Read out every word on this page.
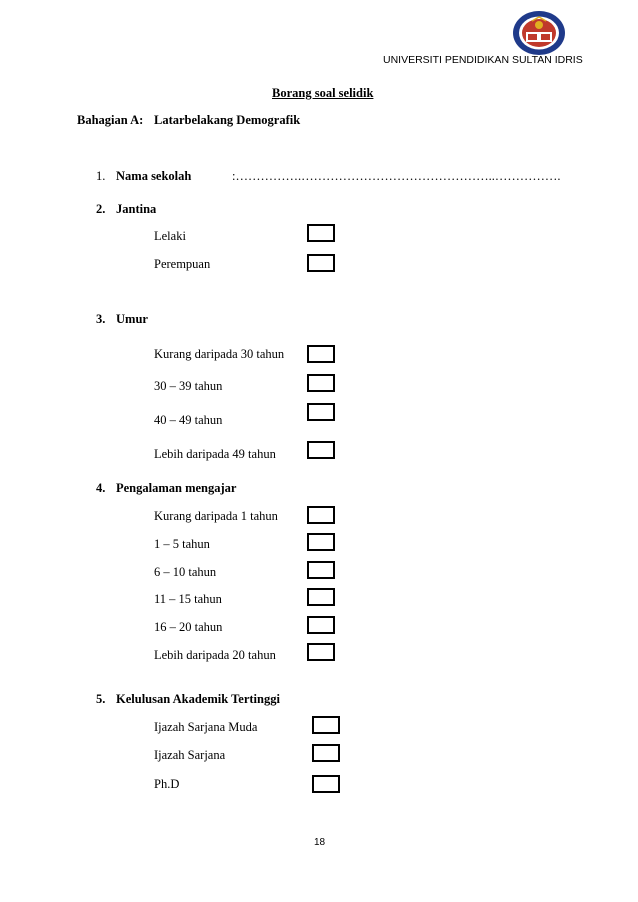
UNIVERSITI PENDIDIKAN SULTAN IDRIS
Borang soal selidik
Bahagian A: Latarbelakang Demografik
1. Nama sekolah	:…………….………………………………………..…………….
2. Jantina
Lelaki
Perempuan
3. Umur
Kurang daripada 30 tahun
30 – 39 tahun
40 – 49 tahun
Lebih daripada 49 tahun
4. Pengalaman mengajar
Kurang daripada 1 tahun
1 – 5 tahun
6 – 10 tahun
11 – 15 tahun
16 – 20 tahun
Lebih daripada 20 tahun
5. Kelulusan Akademik Tertinggi
Ijazah Sarjana Muda
Ijazah Sarjana
Ph.D
18
